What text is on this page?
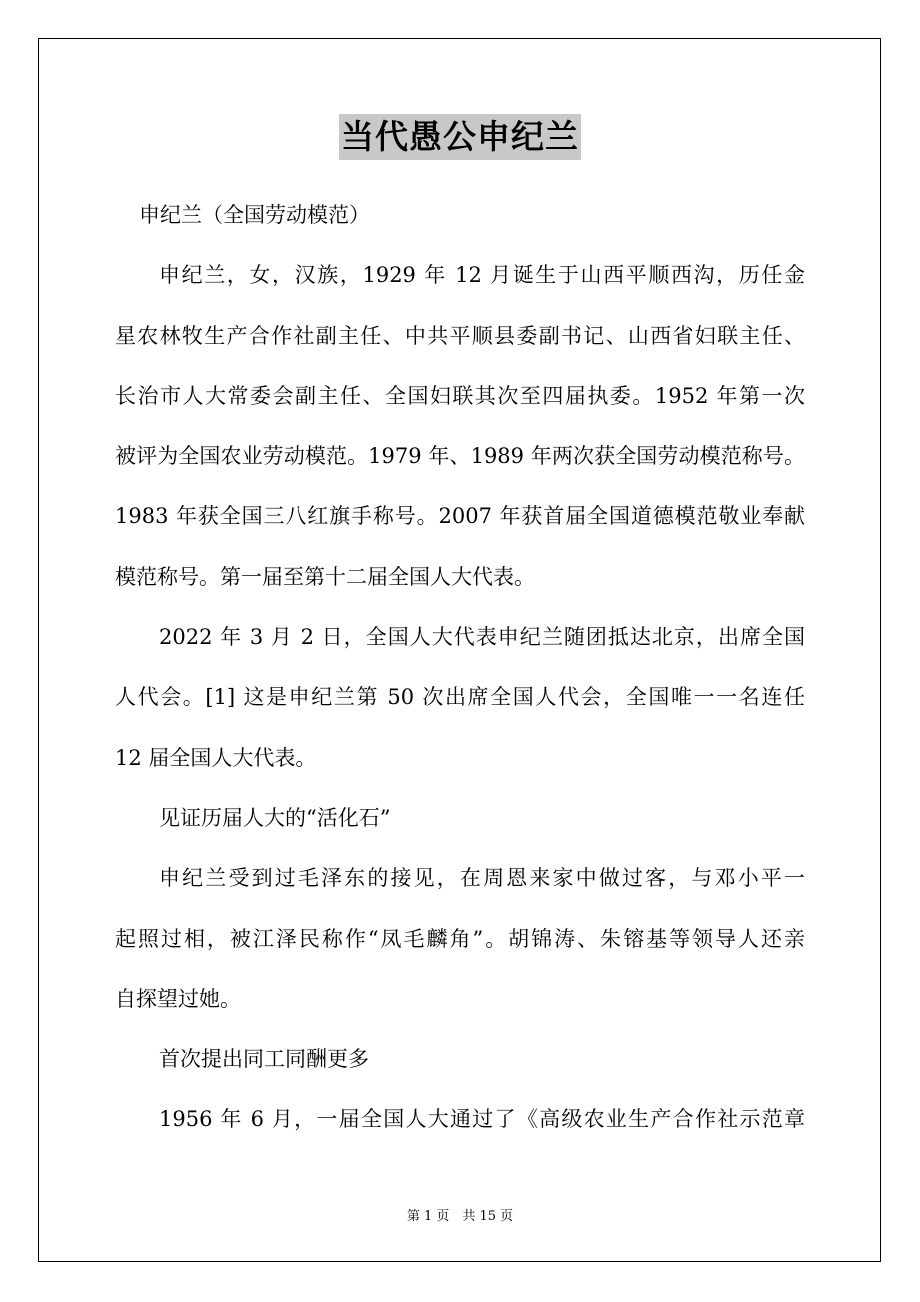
当代愚公申纪兰
申纪兰（全国劳动模范）
申纪兰，女，汉族，1929 年 12 月诞生于山西平顺西沟，历任金
星农林牧生产合作社副主任、中共平顺县委副书记、山西省妇联主任、
长治市人大常委会副主任、全国妇联其次至四届执委。1952 年第一次
被评为全国农业劳动模范。1979 年、1989 年两次获全国劳动模范称号。
1983 年获全国三八红旗手称号。2007 年获首届全国道德模范敬业奉献
模范称号。第一届至第十二届全国人大代表。
2022 年 3 月 2 日，全国人大代表申纪兰随团抵达北京，出席全国
人代会。[1] 这是申纪兰第 50 次出席全国人代会，全国唯一一名连任
12 届全国人大代表。
见证历届人大的“活化石”
申纪兰受到过毛泽东的接见，在周恩来家中做过客，与邓小平一
起照过相，被江泽民称作“凤毛麟角”。胡锦涛、朱镕基等领导人还亲
自探望过她。
首次提出同工同酬更多
1956 年 6 月，一届全国人大通过了《高级农业生产合作社示范章
第 1 页　共 15 页
